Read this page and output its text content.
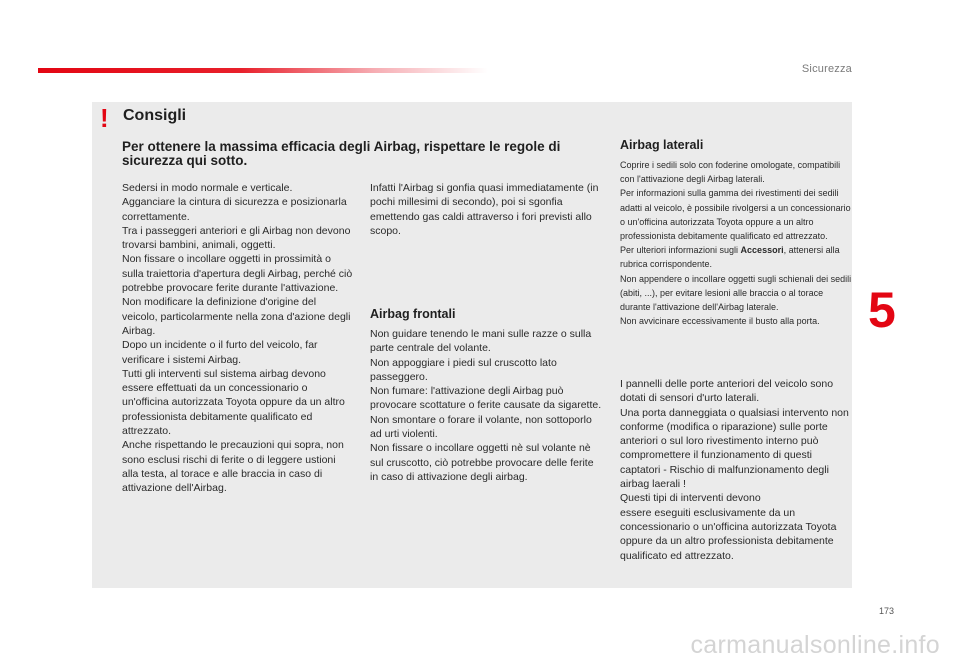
Sicurezza
5
! Consigli
Per ottenere la massima efficacia degli Airbag, rispettare le regole di sicurezza qui sotto.
Sedersi in modo normale e verticale.
Agganciare la cintura di sicurezza e posizionarla correttamente.
Tra i passeggeri anteriori e gli Airbag non devono trovarsi bambini, animali, oggetti.
Non fissare o incollare oggetti in prossimità o sulla traiettoria d'apertura degli Airbag, perché ciò potrebbe provocare ferite durante l'attivazione.
Non modificare la definizione d'origine del veicolo, particolarmente nella zona d'azione degli Airbag.
Dopo un incidente o il furto del veicolo, far verificare i sistemi Airbag.
Tutti gli interventi sul sistema airbag devono essere effettuati da un concessionario o un'officina autorizzata Toyota oppure da un altro professionista debitamente qualificato ed attrezzato.
Anche rispettando le precauzioni qui sopra, non sono esclusi rischi di ferite o di leggere ustioni alla testa, al torace e alle braccia in caso di attivazione dell'Airbag.
Infatti l'Airbag si gonfia quasi immediatamente (in pochi millesimi di secondo), poi si sgonfia emettendo gas caldi attraverso i fori previsti allo scopo.
Airbag frontali
Non guidare tenendo le mani sulle razze o sulla parte centrale del volante.
Non appoggiare i piedi sul cruscotto lato passeggero.
Non fumare: l'attivazione degli Airbag può provocare scottature o ferite causate da sigarette.
Non smontare o forare il volante, non sottoporlo ad urti violenti.
Non fissare o incollare oggetti nè sul volante nè sul cruscotto, ciò potrebbe provocare delle ferite in caso di attivazione degli airbag.
Airbag laterali
Coprire i sedili solo con foderine omologate, compatibili con l'attivazione degli Airbag laterali.
Per informazioni sulla gamma dei rivestimenti dei sedili adatti al veicolo, è possibile rivolgersi a un concessionario o un'officina autorizzata Toyota oppure a un altro professionista debitamente qualificato ed attrezzato.
Per ulteriori informazioni sugli Accessori, attenersi alla rubrica corrispondente.
Non appendere o incollare oggetti sugli schienali dei sedili (abiti, ...), per evitare lesioni alle braccia o al torace durante l'attivazione dell'Airbag laterale.
Non avvicinare eccessivamente il busto alla porta.
I pannelli delle porte anteriori del veicolo sono dotati di sensori d'urto laterali.
Una porta danneggiata o qualsiasi intervento non conforme (modifica o riparazione) sulle porte anteriori o sul loro rivestimento interno può compromettere il funzionamento di questi captatori - Rischio di malfunzionamento degli airbag laerali !
Questi tipi di interventi devono
essere eseguiti esclusivamente da un concessionario o un'officina autorizzata Toyota oppure da un altro professionista debitamente qualificato ed attrezzato.
173
carmanualsonline.info
